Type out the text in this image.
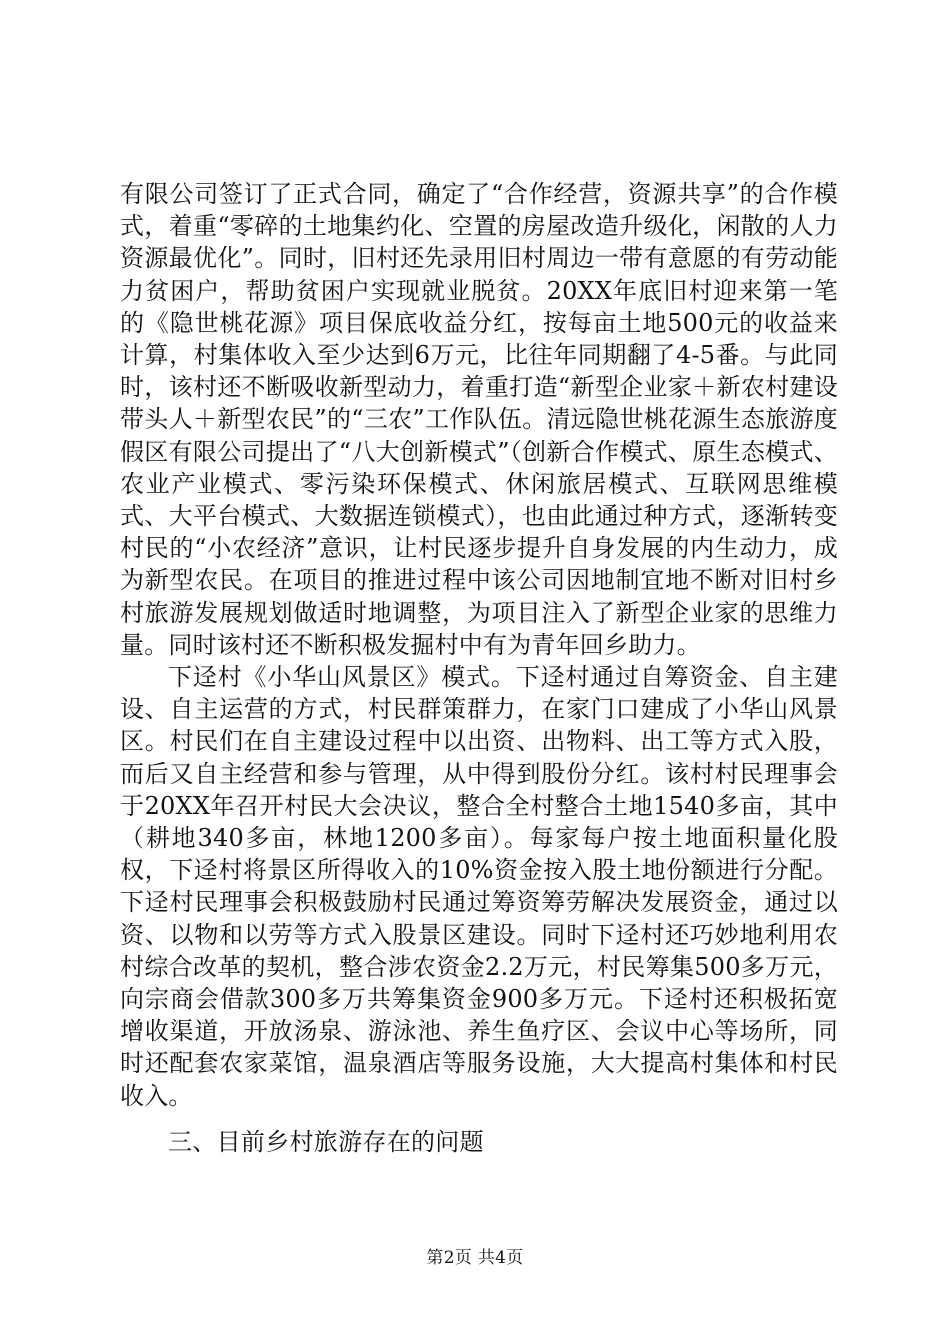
有限公司签订了正式合同，确定了“合作经营，资源共享”的合作模式，着重“零碎的土地集约化、空置的房屋改造升级化，闲散的人力资源最优化”。同时，旧村还先录用旧村周边一带有意愿的有劳动能力贫困户，帮助贫困户实现就业脱贫。20XX年底旧村迎来第一笔的《隐世桃花源》项目保底收益分红，按每亩土地500元的收益来计算，村集体收入至少达到6万元，比往年同期翻了4-5番。与此同时，该村还不断吸收新型动力，着重打造“新型企业家＋新农村建设带头人＋新型农民”的“三农”工作队伍。清远隐世桃花源生态旅游度假区有限公司提出了“八大创新模式”（创新合作模式、原生态模式、农业产业模式、零污染环保模式、休闲旅居模式、互联网思维模式、大平台模式、大数据连锁模式），也由此通过种方式，逐渐转变村民的“小农经济”意识，让村民逐步提升自身发展的内生动力，成为新型农民。在项目的推进过程中该公司因地制宜地不断对旧村乡村旅游发展规划做适时地调整，为项目注入了新型企业家的思维力量。同时该村还不断积极发掘村中有为青年回乡助力。

下迳村《小华山风景区》模式。下迳村通过自筹资金、自主建设、自主运营的方式，村民群策群力，在家门口建成了小华山风景区。村民们在自主建设过程中以出资、出物料、出工等方式入股，而后又自主经营和参与管理，从中得到股份分红。该村村民理事会于20XX年召开村民大会决议，整合全村整合土地1540多亩，其中（耕地340多亩，林地1200多亩）。每家每户按土地面积量化股权，下迳村将景区所得收入的10%资金按入股土地份额进行分配。下迳村民理事会积极鼓励村民通过筹资筹劳解决发展资金，通过以资、以物和以劳等方式入股景区建设。同时下迳村还巧妙地利用农村综合改革的契机，整合涉农资金2.2万元，村民筹集500多万元，向宗商会借款300多万共筹集资金900多万元。下迳村还积极拓宽增收渠道，开放汤泉、游泳池、养生鱼疗区、会议中心等场所，同时还配套农家菜馆，温泉酒店等服务设施，大大提高村集体和村民收入。

三、目前乡村旅游存在的问题
第2页 共4页
